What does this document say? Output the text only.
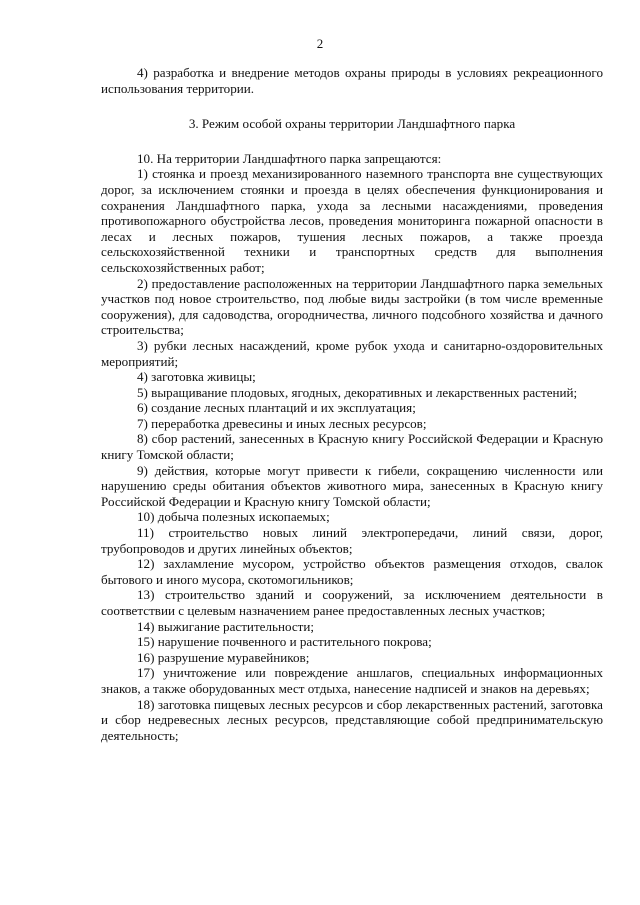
2

4) разработка и внедрение методов охраны природы в условиях рекреационного использования территории.

3. Режим особой охраны территории Ландшафтного парка

10. На территории Ландшафтного парка запрещаются:

1) стоянка и проезд механизированного наземного транспорта вне существующих дорог, за исключением стоянки и проезда в целях обеспечения функционирования и сохранения Ландшафтного парка, ухода за лесными насаждениями, проведения противопожарного обустройства лесов, проведения мониторинга пожарной опасности в лесах и лесных пожаров, тушения лесных пожаров, а также проезда сельскохозяйственной техники и транспортных средств для выполнения сельскохозяйственных работ;

2) предоставление расположенных на территории Ландшафтного парка земельных участков под новое строительство, под любые виды застройки (в том числе временные сооружения), для садоводства, огородничества, личного подсобного хозяйства и дачного строительства;

3) рубки лесных насаждений, кроме рубок ухода и санитарно-оздоровительных мероприятий;

4) заготовка живицы;

5) выращивание плодовых, ягодных, декоративных и лекарственных растений;

6) создание лесных плантаций и их эксплуатация;

7) переработка древесины и иных лесных ресурсов;

8) сбор растений, занесенных в Красную книгу Российской Федерации и Красную книгу Томской области;

9) действия, которые могут привести к гибели, сокращению численности или нарушению среды обитания объектов животного мира, занесенных в Красную книгу Российской Федерации и Красную книгу Томской области;

10) добыча полезных ископаемых;

11) строительство новых линий электропередачи, линий связи, дорог, трубопроводов и других линейных объектов;

12) захламление мусором, устройство объектов размещения отходов, свалок бытового и иного мусора, скотомогильников;

13) строительство зданий и сооружений, за исключением деятельности в соответствии с целевым назначением ранее предоставленных лесных участков;

14) выжигание растительности;

15) нарушение почвенного и растительного покрова;

16) разрушение муравейников;

17) уничтожение или повреждение аншлагов, специальных информационных знаков, а также оборудованных мест отдыха, нанесение надписей и знаков на деревьях;

18) заготовка пищевых лесных ресурсов и сбор лекарственных растений, заготовка и сбор недревесных лесных ресурсов, представляющие собой предпринимательскую деятельность;
